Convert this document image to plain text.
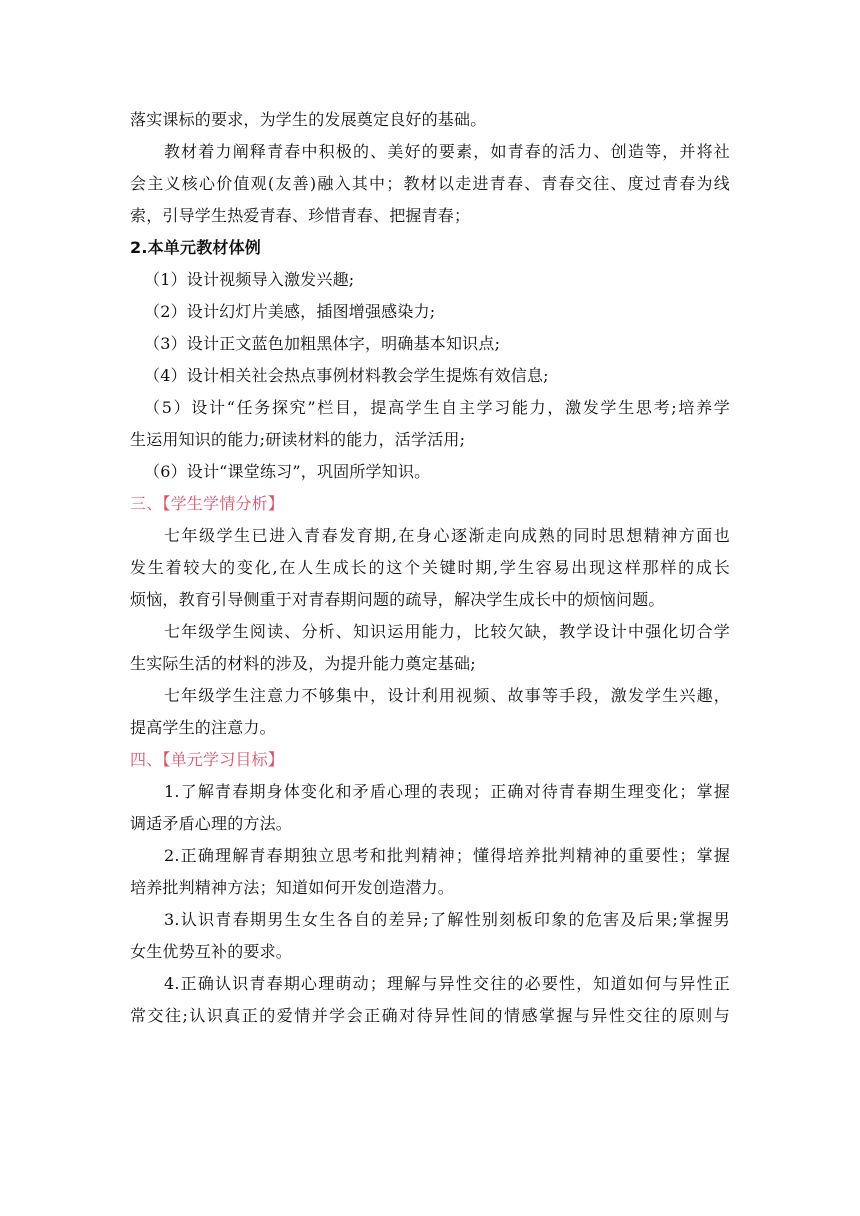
落实课标的要求，为学生的发展奠定良好的基础。
教材着力阐释青春中积极的、美好的要素，如青春的活力、创造等，并将社
会主义核心价值观(友善)融入其中；教材以走进青春、青春交往、度过青春为线
索，引导学生热爱青春、珍惜青春、把握青春；
2.本单元教材体例
（1）设计视频导入激发兴趣;
（2）设计幻灯片美感，插图增强感染力;
（3）设计正文蓝色加粗黑体字，明确基本知识点;
（4）设计相关社会热点事例材料教会学生提炼有效信息;
（5）设计“任务探究”栏目，提高学生自主学习能力，激发学生思考;培养学
生运用知识的能力;研读材料的能力，活学活用;
（6）设计“课堂练习”，巩固所学知识。
三、【学生学情分析】
七年级学生已进入青春发育期,在身心逐渐走向成熟的同时思想精神方面也
发生着较大的变化,在人生成长的这个关键时期,学生容易出现这样那样的成长
烦恼，教育引导侧重于对青春期问题的疏导，解决学生成长中的烦恼问题。
七年级学生阅读、分析、知识运用能力，比较欠缺，教学设计中强化切合学
生实际生活的材料的涉及，为提升能力奠定基础;
七年级学生注意力不够集中，设计利用视频、故事等手段，激发学生兴趣，
提高学生的注意力。
四、【单元学习目标】
1.了解青春期身体变化和矛盾心理的表现；正确对待青春期生理变化；掌握
调适矛盾心理的方法。
2.正确理解青春期独立思考和批判精神；懂得培养批判精神的重要性；掌握
培养批判精神方法；知道如何开发创造潜力。
3.认识青春期男生女生各自的差异;了解性别刻板印象的危害及后果;掌握男
女生优势互补的要求。
4.正确认识青春期心理萌动；理解与异性交往的必要性，知道如何与异性正
常交往;认识真正的爱情并学会正确对待异性间的情感掌握与异性交往的原则与
